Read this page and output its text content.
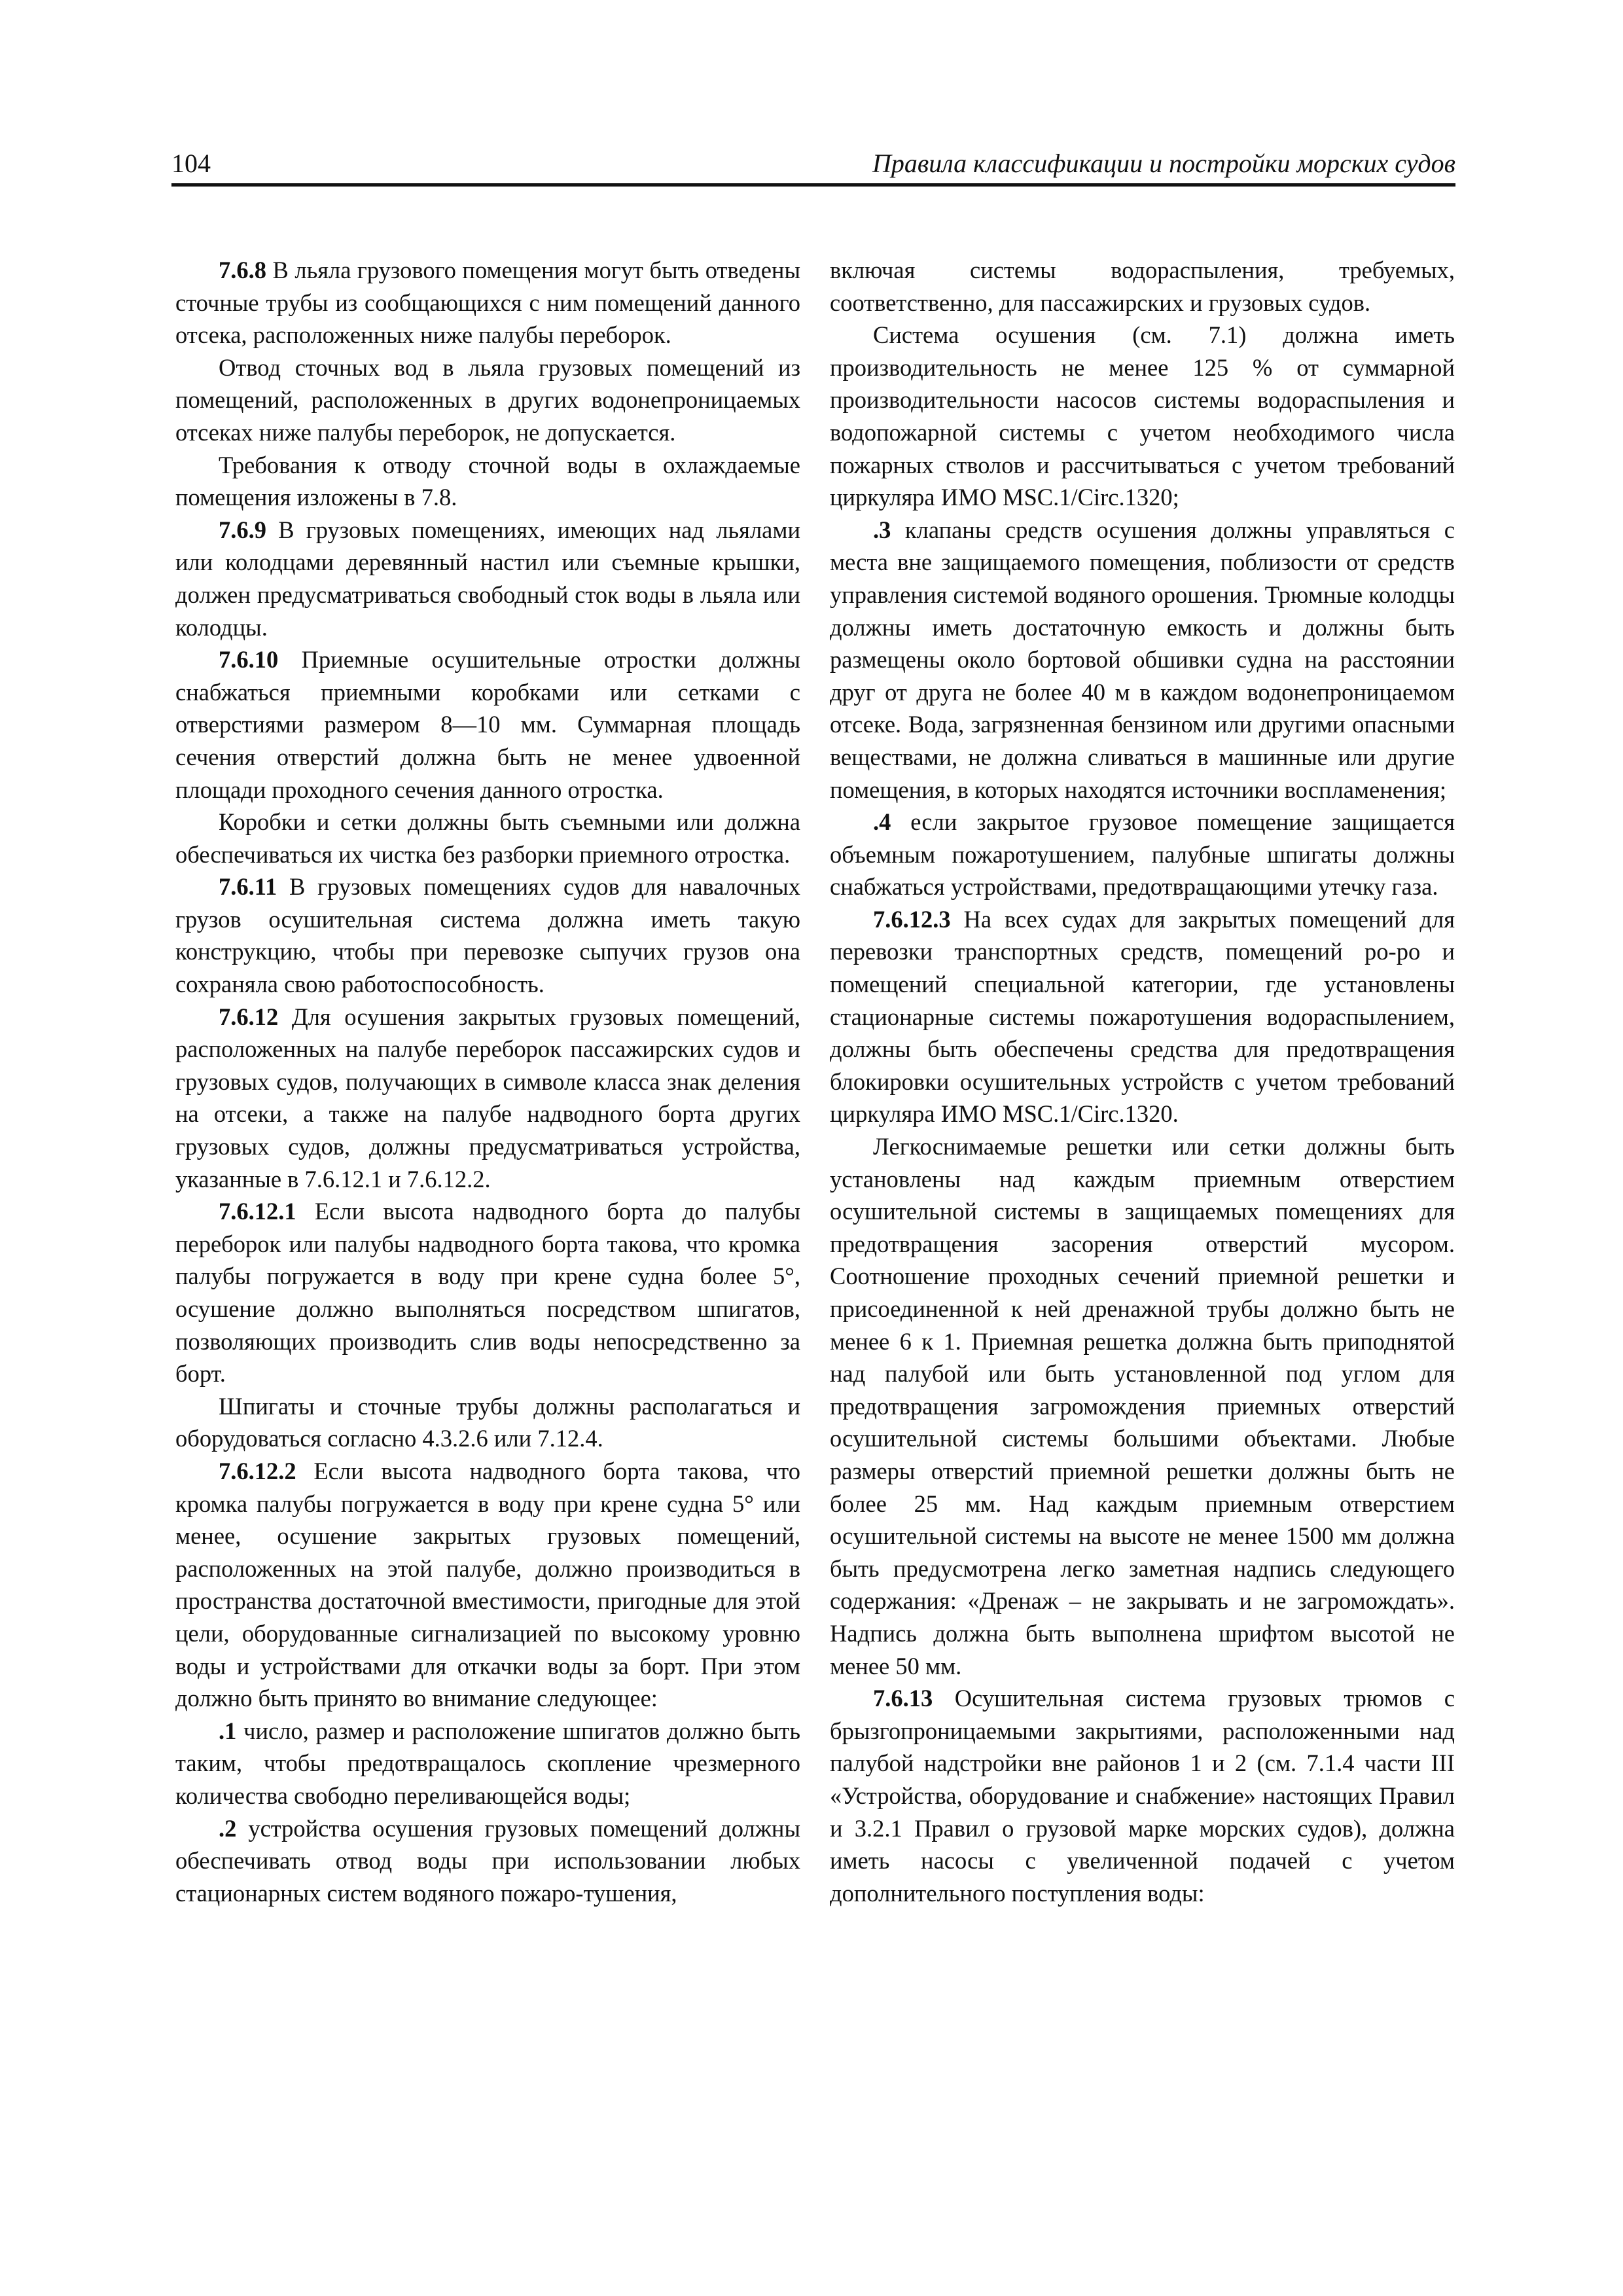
104	Правила классификации и постройки морских судов

7.6.8 В льяла грузового помещения могут быть отведены сточные трубы из сообщающихся с ним помещений данного отсека, расположенных ниже палубы переборок.

Отвод сточных вод в льяла грузовых помещений из помещений, расположенных в других водонепроницаемых отсеках ниже палубы переборок, не допускается.

Требования к отводу сточной воды в охлаждаемые помещения изложены в 7.8.

7.6.9 В грузовых помещениях, имеющих над льялами или колодцами деревянный настил или съемные крышки, должен предусматриваться свободный сток воды в льяла или колодцы.

7.6.10 Приемные осушительные отростки должны снабжаться приемными коробками или сетками с отверстиями размером 8—10 мм. Суммарная площадь сечения отверстий должна быть не менее удвоенной площади проходного сечения данного отростка.

Коробки и сетки должны быть съемными или должна обеспечиваться их чистка без разборки приемного отростка.

7.6.11 В грузовых помещениях судов для навалочных грузов осушительная система должна иметь такую конструкцию, чтобы при перевозке сыпучих грузов она сохраняла свою работоспособность.

7.6.12 Для осушения закрытых грузовых помещений, расположенных на палубе переборок пассажирских судов и грузовых судов, получающих в символе класса знак деления на отсеки, а также на палубе надводного борта других грузовых судов, должны предусматриваться устройства, указанные в 7.6.12.1 и 7.6.12.2.

7.6.12.1 Если высота надводного борта до палубы переборок или палубы надводного борта такова, что кромка палубы погружается в воду при крене судна более 5°, осушение должно выполняться посредством шпигатов, позволяющих производить слив воды непосредственно за борт.

Шпигаты и сточные трубы должны располагаться и оборудоваться согласно 4.3.2.6 или 7.12.4.

7.6.12.2 Если высота надводного борта такова, что кромка палубы погружается в воду при крене судна 5° или менее, осушение закрытых грузовых помещений, расположенных на этой палубе, должно производиться в пространства достаточной вместимости, пригодные для этой цели, оборудованные сигнализацией по высокому уровню воды и устройствами для откачки воды за борт. При этом должно быть принято во внимание следующее:

.1 число, размер и расположение шпигатов должно быть таким, чтобы предотвращалось скопление чрезмерного количества свободно переливающейся воды;

.2 устройства осушения грузовых помещений должны обеспечивать отвод воды при использовании любых стационарных систем водяного пожаро-тушения,

включая системы водораспыления, требуемых, соответственно, для пассажирских и грузовых судов.

Система осушения (см. 7.1) должна иметь производительность не менее 125 % от суммарной производительности насосов системы водораспыления и водопожарной системы с учетом необходимого числа пожарных стволов и рассчитываться с учетом требований циркуляра ИМО MSC.1/Circ.1320;

.3 клапаны средств осушения должны управляться с места вне защищаемого помещения, поблизости от средств управления системой водяного орошения. Трюмные колодцы должны иметь достаточную емкость и должны быть размещены около бортовой обшивки судна на расстоянии друг от друга не более 40 м в каждом водонепроницаемом отсеке. Вода, загрязненная бензином или другими опасными веществами, не должна сливаться в машинные или другие помещения, в которых находятся источники воспламенения;

.4 если закрытое грузовое помещение защищается объемным пожаротушением, палубные шпигаты должны снабжаться устройствами, предотвращающими утечку газа.

7.6.12.3 На всех судах для закрытых помещений для перевозки транспортных средств, помещений ро-ро и помещений специальной категории, где установлены стационарные системы пожаротушения водораспылением, должны быть обеспечены средства для предотвращения блокировки осушительных устройств с учетом требований циркуляра ИМО MSC.1/Circ.1320.

Легкоснимаемые решетки или сетки должны быть установлены над каждым приемным отверстием осушительной системы в защищаемых помещениях для предотвращения засорения отверстий мусором. Соотношение проходных сечений приемной решетки и присоединенной к ней дренажной трубы должно быть не менее 6 к 1. Приемная решетка должна быть приподнятой над палубой или быть установленной под углом для предотвращения загромождения приемных отверстий осушительной системы большими объектами. Любые размеры отверстий приемной решетки должны быть не более 25 мм. Над каждым приемным отверстием осушительной системы на высоте не менее 1500 мм должна быть предусмотрена легко заметная надпись следующего содержания: «Дренаж – не закрывать и не загромождать». Надпись должна быть выполнена шрифтом высотой не менее 50 мм.

7.6.13 Осушительная система грузовых трюмов с брызгопроницаемыми закрытиями, расположенными над палубой надстройки вне районов 1 и 2 (см. 7.1.4 части III «Устройства, оборудование и снабжение» настоящих Правил и 3.2.1 Правил о грузовой марке морских судов), должна иметь насосы с увеличенной подачей с учетом дополнительного поступления воды:
